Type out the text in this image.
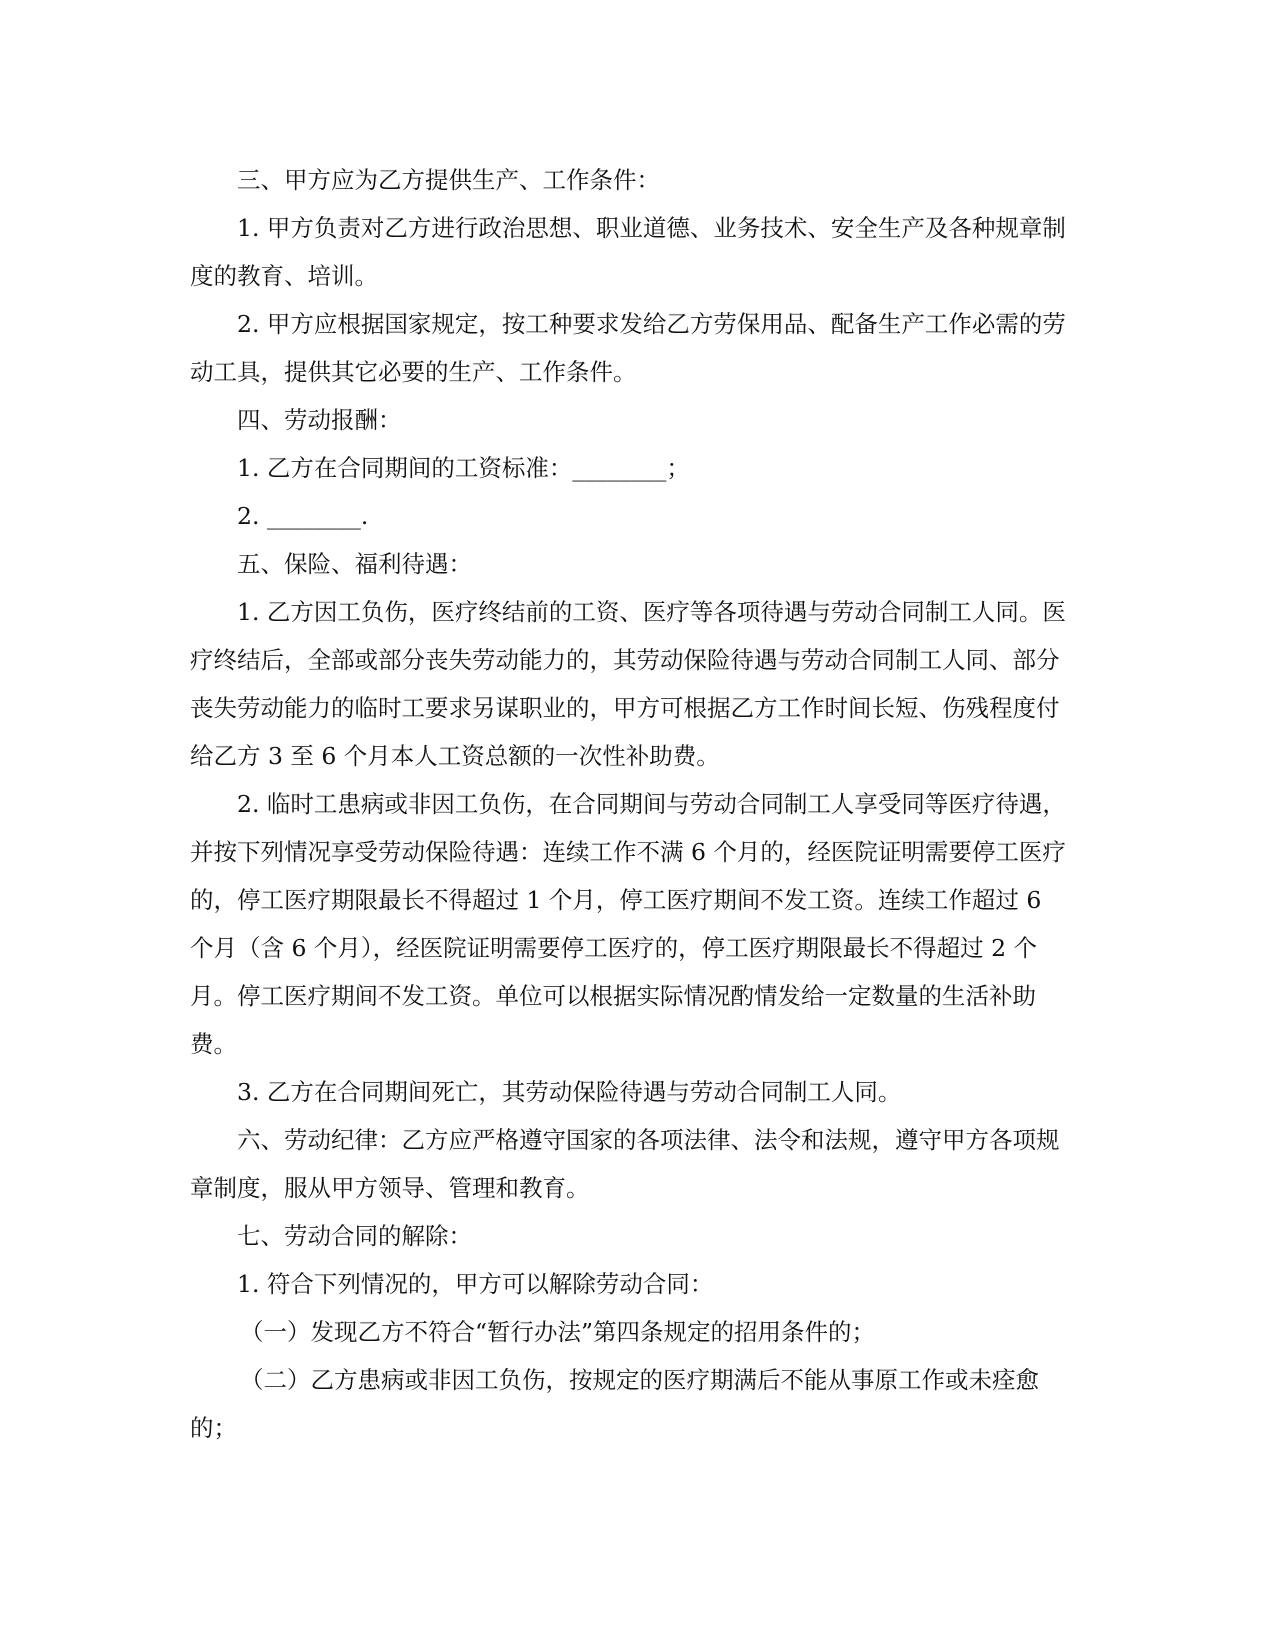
三、甲方应为乙方提供生产、工作条件：

1. 甲方负责对乙方进行政治思想、职业道德、业务技术、安全生产及各种规章制度的教育、培训。

2. 甲方应根据国家规定，按工种要求发给乙方劳保用品、配备生产工作必需的劳动工具，提供其它必要的生产、工作条件。

四、劳动报酬：

1. 乙方在合同期间的工资标准：________；

2. ________.

五、保险、福利待遇：

1. 乙方因工负伤，医疗终结前的工资、医疗等各项待遇与劳动合同制工人同。医疗终结后，全部或部分丧失劳动能力的，其劳动保险待遇与劳动合同制工人同、部分丧失劳动能力的临时工要求另谋职业的，甲方可根据乙方工作时间长短、伤残程度付给乙方 3 至 6 个月本人工资总额的一次性补助费。

2. 临时工患病或非因工负伤，在合同期间与劳动合同制工人享受同等医疗待遇，并按下列情况享受劳动保险待遇：连续工作不满 6 个月的，经医院证明需要停工医疗的，停工医疗期限最长不得超过 1 个月，停工医疗期间不发工资。连续工作超过 6 个月（含 6 个月），经医院证明需要停工医疗的，停工医疗期限最长不得超过 2 个月。停工医疗期间不发工资。单位可以根据实际情况酌情发给一定数量的生活补助费。

3. 乙方在合同期间死亡，其劳动保险待遇与劳动合同制工人同。

六、劳动纪律：乙方应严格遵守国家的各项法律、法令和法规，遵守甲方各项规章制度，服从甲方领导、管理和教育。

七、劳动合同的解除：

1. 符合下列情况的，甲方可以解除劳动合同：

（一）发现乙方不符合“暂行办法”第四条规定的招用条件的；

（二）乙方患病或非因工负伤，按规定的医疗期满后不能从事原工作或未痊愈的；
